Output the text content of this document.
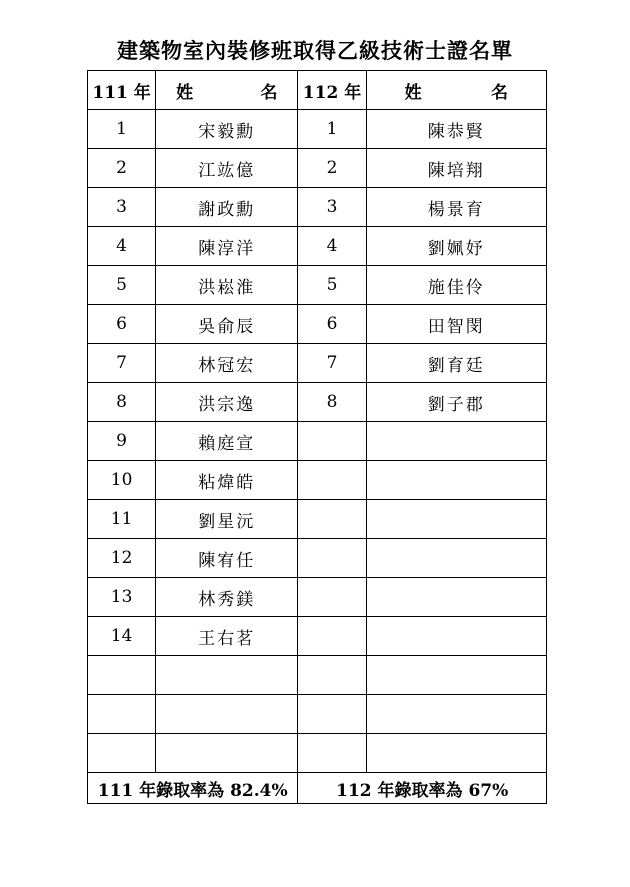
建築物室內裝修班取得乙級技術士證名單
111 年	姓 名	112 年	姓 名

1	宋毅勳	1	陳恭賢
2	江竑億	2	陳培翔
3	謝政勳	3	楊景育
4	陳淳洋	4	劉姵妤
5	洪崧淮	5	施佳伶
6	吳俞辰	6	田智閔
7	林冠宏	7	劉育廷
8	洪宗逸	8	劉子郡
9	賴庭宣		
10	粘煒皓		
11	劉星沅		
12	陳宥任		
13	林秀鎂		
14	王右茗		

111 年錄取率為 82.4%		112 年錄取率為 67%	
